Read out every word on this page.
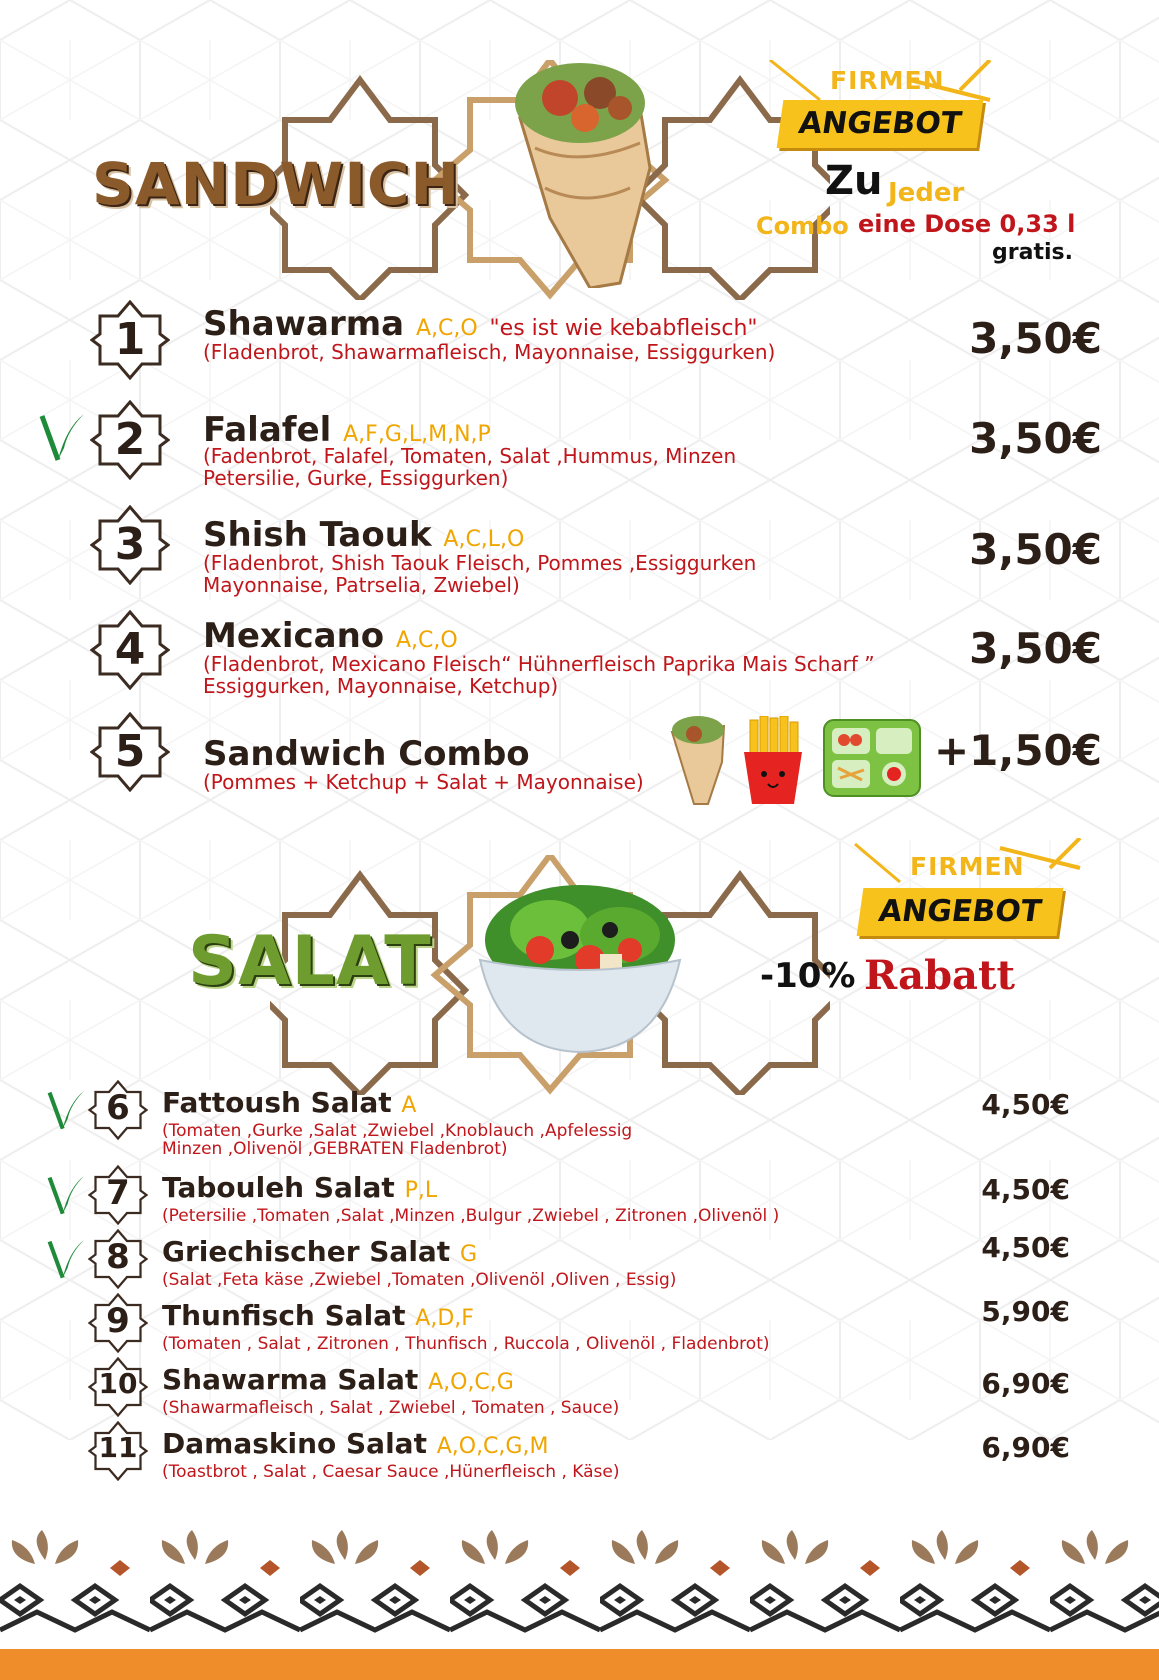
SANDWICH
FIRMEN
ANGEBOT
Zu Jeder
Combo eine Dose 0,33 l
gratis.
1	Shawarma A,C,O "es ist wie kebabfleisch"
(Fladenbrot, Shawarmafleisch, Mayonnaise, Essiggurken)	3,50€
2	Falafel A,F,G,L,M,N,P
(Fadenbrot, Falafel, Tomaten, Salat ,Hummus, Minzen
Petersilie, Gurke, Essiggurken)
3,50€
3	Shish Taouk A,C,L,O
(Fladenbrot, Shish Taouk Fleisch, Pommes ,Essiggurken
Mayonnaise, Patrselia, Zwiebel)
3,50€
4	Mexicano A,C,O
(Fladenbrot, Mexicano Fleisch“ Hühnerfleisch Paprika Mais Scharf ”
Essiggurken, Mayonnaise, Ketchup)
3,50€
5	Sandwich Combo
(Pommes + Ketchup + Salat + Mayonnaise)
+1,50€
SALAT
FIRMEN
ANGEBOT
-10% Rabatt
6	Fattoush Salat A
(Tomaten ,Gurke ,Salat ,Zwiebel ,Knoblauch ,Apfelessig
Minzen ,Olivenöl ,GEBRATEN Fladenbrot)
4,50€
7	Tabouleh Salat P,L
(Petersilie ,Tomaten ,Salat ,Minzen ,Bulgur ,Zwiebel , Zitronen ,Olivenöl )
4,50€
8	Griechischer Salat G
(Salat ,Feta käse ,Zwiebel ,Tomaten ,Olivenöl ,Oliven , Essig)
4,50€
9	Thunfisch Salat A,D,F
(Tomaten , Salat , Zitronen , Thunfisch , Ruccola , Olivenöl , Fladenbrot)
5,90€
10 Shawarma Salat A,O,C,G
(Shawarmafleisch , Salat , Zwiebel , Tomaten , Sauce)
6,90€
11 Damaskino Salat A,O,C,G,M
(Toastbrot , Salat , Caesar Sauce ,Hünerfleisch , Käse)
6,90€
